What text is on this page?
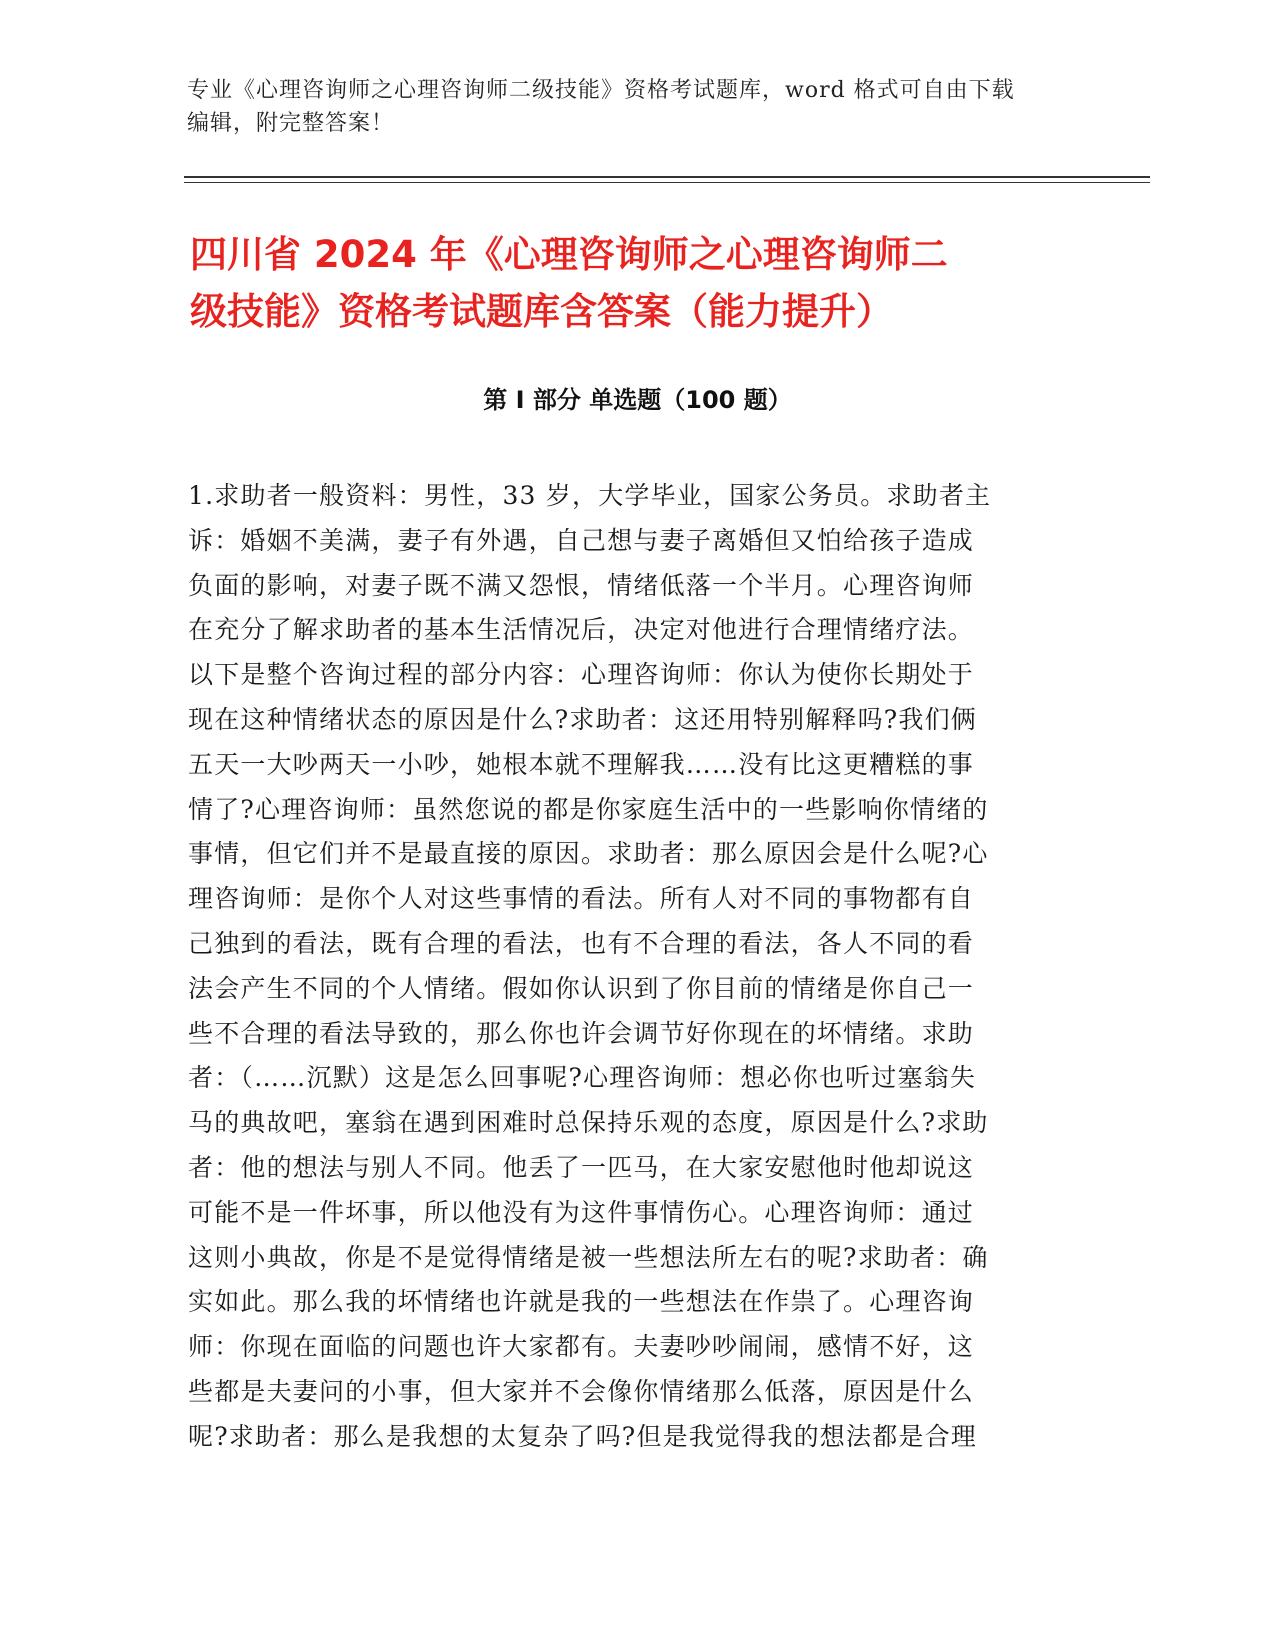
专业《心理咨询师之心理咨询师二级技能》资格考试题库，word 格式可自由下载
编辑，附完整答案！
四川省 2024 年《心理咨询师之心理咨询师二
级技能》资格考试题库含答案（能力提升）
第 I 部分 单选题（100 题）
1.求助者一般资料：男性，33 岁，大学毕业，国家公务员。求助者主
诉：婚姻不美满，妻子有外遇，自己想与妻子离婚但又怕给孩子造成
负面的影响，对妻子既不满又怨恨，情绪低落一个半月。心理咨询师
在充分了解求助者的基本生活情况后，决定对他进行合理情绪疗法。
以下是整个咨询过程的部分内容：心理咨询师：你认为使你长期处于
现在这种情绪状态的原因是什么?求助者：这还用特别解释吗?我们俩
五天一大吵两天一小吵，她根本就不理解我……没有比这更糟糕的事
情了?心理咨询师：虽然您说的都是你家庭生活中的一些影响你情绪的
事情，但它们并不是最直接的原因。求助者：那么原因会是什么呢?心
理咨询师：是你个人对这些事情的看法。所有人对不同的事物都有自
己独到的看法，既有合理的看法，也有不合理的看法，各人不同的看
法会产生不同的个人情绪。假如你认识到了你目前的情绪是你自己一
些不合理的看法导致的，那么你也许会调节好你现在的坏情绪。求助
者：（……沉默）这是怎么回事呢?心理咨询师：想必你也听过塞翁失
马的典故吧，塞翁在遇到困难时总保持乐观的态度，原因是什么?求助
者：他的想法与别人不同。他丢了一匹马，在大家安慰他时他却说这
可能不是一件坏事，所以他没有为这件事情伤心。心理咨询师：通过
这则小典故，你是不是觉得情绪是被一些想法所左右的呢?求助者：确
实如此。那么我的坏情绪也许就是我的一些想法在作祟了。心理咨询
师：你现在面临的问题也许大家都有。夫妻吵吵闹闹，感情不好，这
些都是夫妻问的小事，但大家并不会像你情绪那么低落，原因是什么
呢?求助者：那么是我想的太复杂了吗?但是我觉得我的想法都是合理
